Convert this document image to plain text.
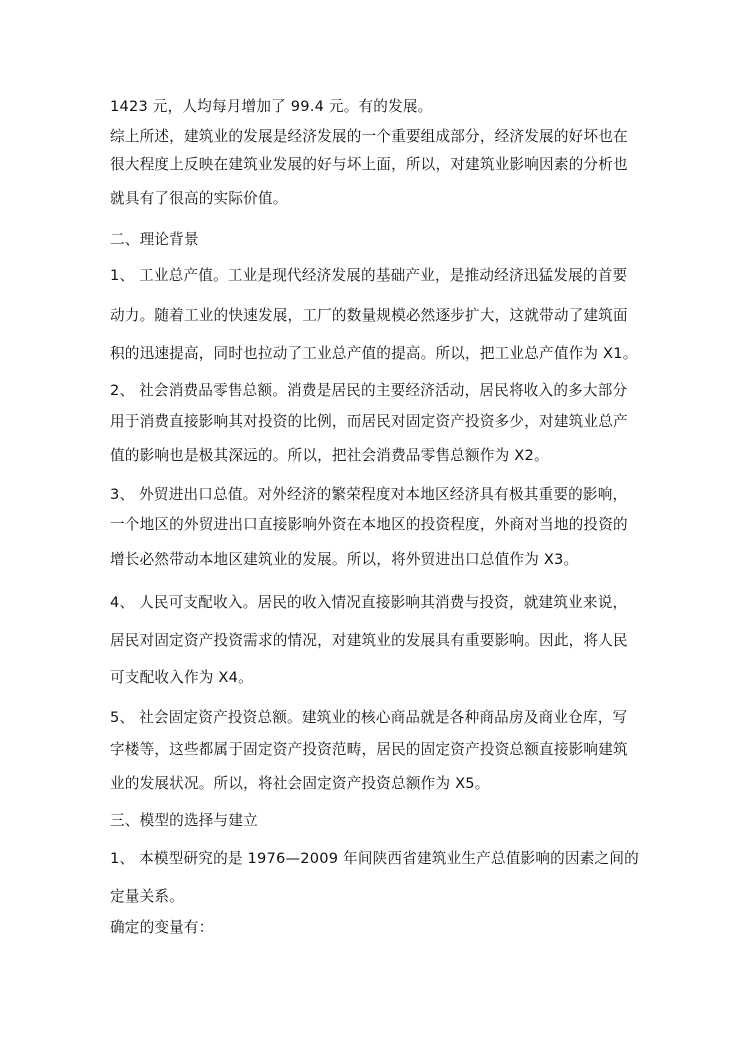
1423 元，人均每月增加了 99.4 元。有的发展。
综上所述，建筑业的发展是经济发展的一个重要组成部分，经济发展的好坏也在
很大程度上反映在建筑业发展的好与坏上面，所以，对建筑业影响因素的分析也
就具有了很高的实际价值。
二、理论背景
1、 工业总产值。工业是现代经济发展的基础产业，是推动经济迅猛发展的首要
动力。随着工业的快速发展，工厂的数量规模必然逐步扩大，这就带动了建筑面
积的迅速提高，同时也拉动了工业总产值的提高。所以，把工业总产值作为 X1。
2、 社会消费品零售总额。消费是居民的主要经济活动，居民将收入的多大部分
用于消费直接影响其对投资的比例，而居民对固定资产投资多少，对建筑业总产
值的影响也是极其深远的。所以，把社会消费品零售总额作为 X2。
3、 外贸进出口总值。对外经济的繁荣程度对本地区经济具有极其重要的影响，
一个地区的外贸进出口直接影响外资在本地区的投资程度，外商对当地的投资的
增长必然带动本地区建筑业的发展。所以，将外贸进出口总值作为 X3。
4、 人民可支配收入。居民的收入情况直接影响其消费与投资，就建筑业来说，
居民对固定资产投资需求的情况，对建筑业的发展具有重要影响。因此，将人民
可支配收入作为 X4。
5、 社会固定资产投资总额。建筑业的核心商品就是各种商品房及商业仓库，写
字楼等，这些都属于固定资产投资范畴，居民的固定资产投资总额直接影响建筑
业的发展状况。所以，将社会固定资产投资总额作为 X5。
三、模型的选择与建立
1、 本模型研究的是 1976—2009 年间陕西省建筑业生产总值影响的因素之间的
定量关系。
确定的变量有：
